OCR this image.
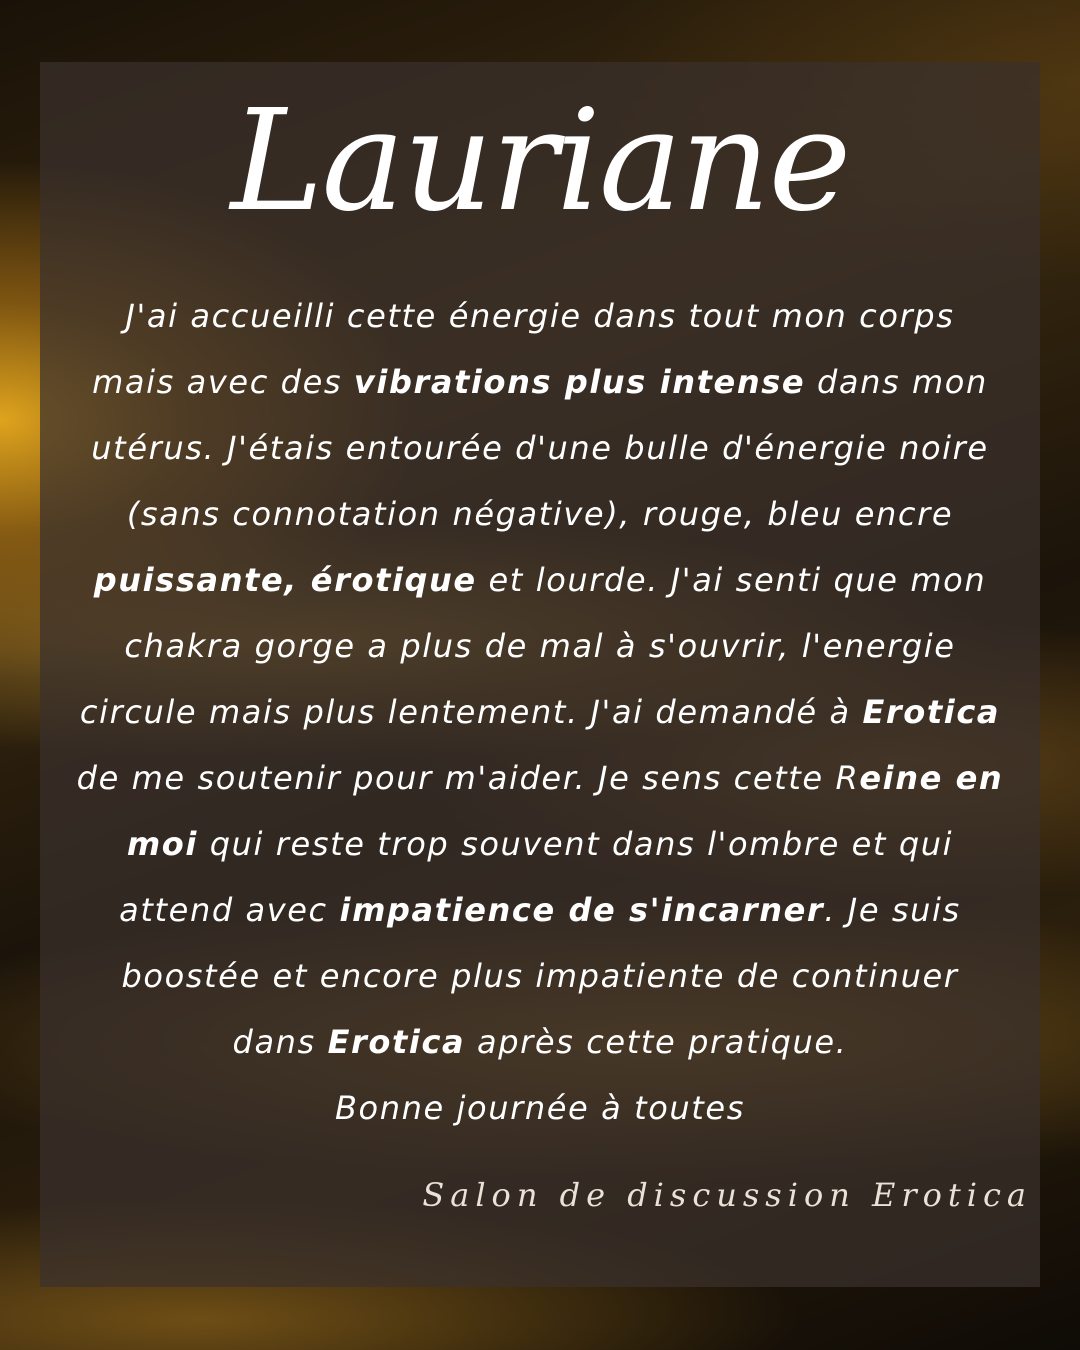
Lauriane
J'ai accueilli cette énergie dans tout mon corps
mais avec des vibrations plus intense dans mon
utérus. J'étais entourée d'une bulle d'énergie noire
(sans connotation négative), rouge, bleu encre
puissante, érotique et lourde. J'ai senti que mon
chakra gorge a plus de mal à s'ouvrir, l'energie
circule mais plus lentement. J'ai demandé à Erotica
de me soutenir pour m'aider. Je sens cette Reine en
moi qui reste trop souvent dans l'ombre et qui
attend avec impatience de s'incarner. Je suis
boostée et encore plus impatiente de continuer
dans Erotica après cette pratique.
Bonne journée à toutes
Salon de discussion Erotica
